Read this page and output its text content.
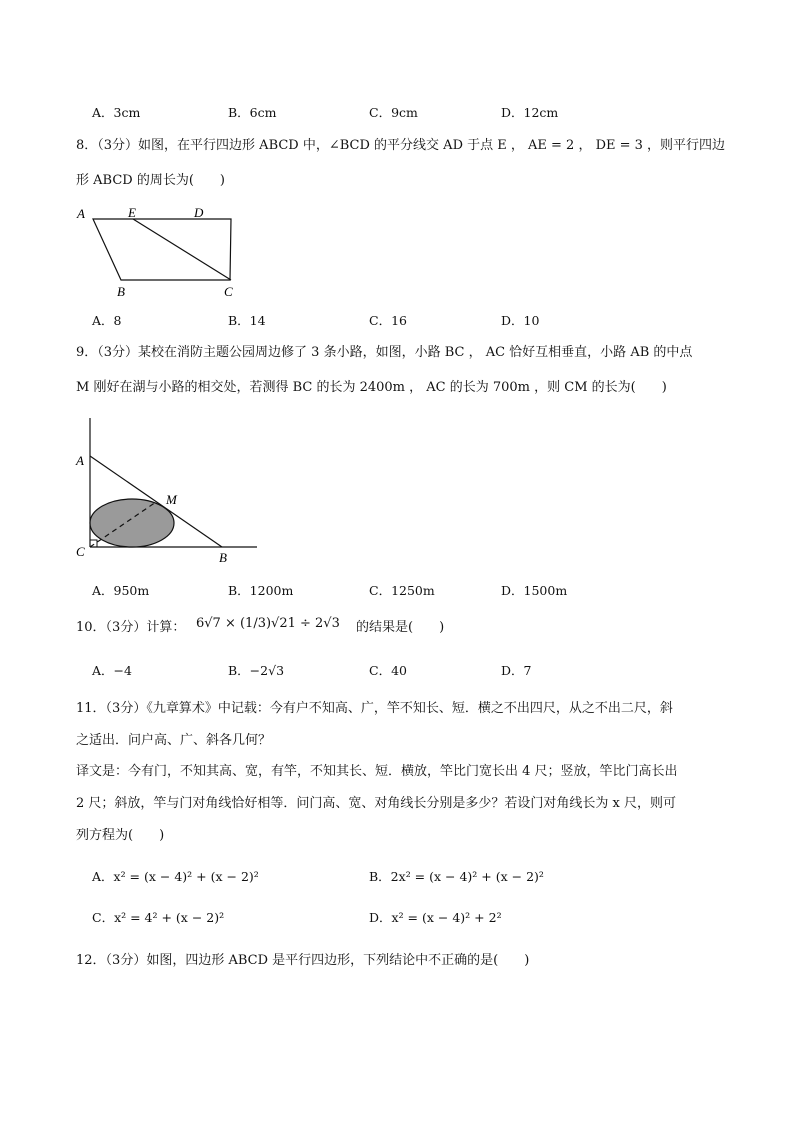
A．3cm	B．6cm	C．9cm	D．12cm
8．（3分）如图，在平行四边形 ABCD 中，∠BCD 的平分线交 AD 于点 E ， AE = 2 ， DE = 3 ，则平行四边
形 ABCD 的周长为(　　)
A	E	D
B	C
A．8	B．14	C．16	D．10
9．（3分）某校在消防主题公园周边修了 3 条小路，如图，小路 BC ， AC 恰好互相垂直，小路 AB 的中点
M 刚好在湖与小路的相交处，若测得 BC 的长为 2400m ， AC 的长为 700m ，则 CM 的长为(　　)
A
M
C	B
A．950m	B．1200m	C．1250m	D．1500m
10．（3分）计算： 6√7 × (1/3)√21 ÷ 2√3 的结果是(　　)
A．−4	B．−2√3	C．40	D．7
11．（3分）《九章算术》中记载：今有户不知高、广，竿不知长、短．横之不出四尺，从之不出二尺，斜
之适出．问户高、广、斜各几何？
译文是：今有门，不知其高、宽，有竿，不知其长、短．横放，竿比门宽长出 4 尺；竖放，竿比门高长出
2 尺；斜放，竿与门对角线恰好相等．问门高、宽、对角线长分别是多少？若设门对角线长为 x 尺，则可
列方程为(　　)
A．x² = (x − 4)² + (x − 2)²	B．2x² = (x − 4)² + (x − 2)²
C．x² = 4² + (x − 2)²	D．x² = (x − 4)² + 2²
12．（3分）如图，四边形 ABCD 是平行四边形，下列结论中不正确的是(　　)
